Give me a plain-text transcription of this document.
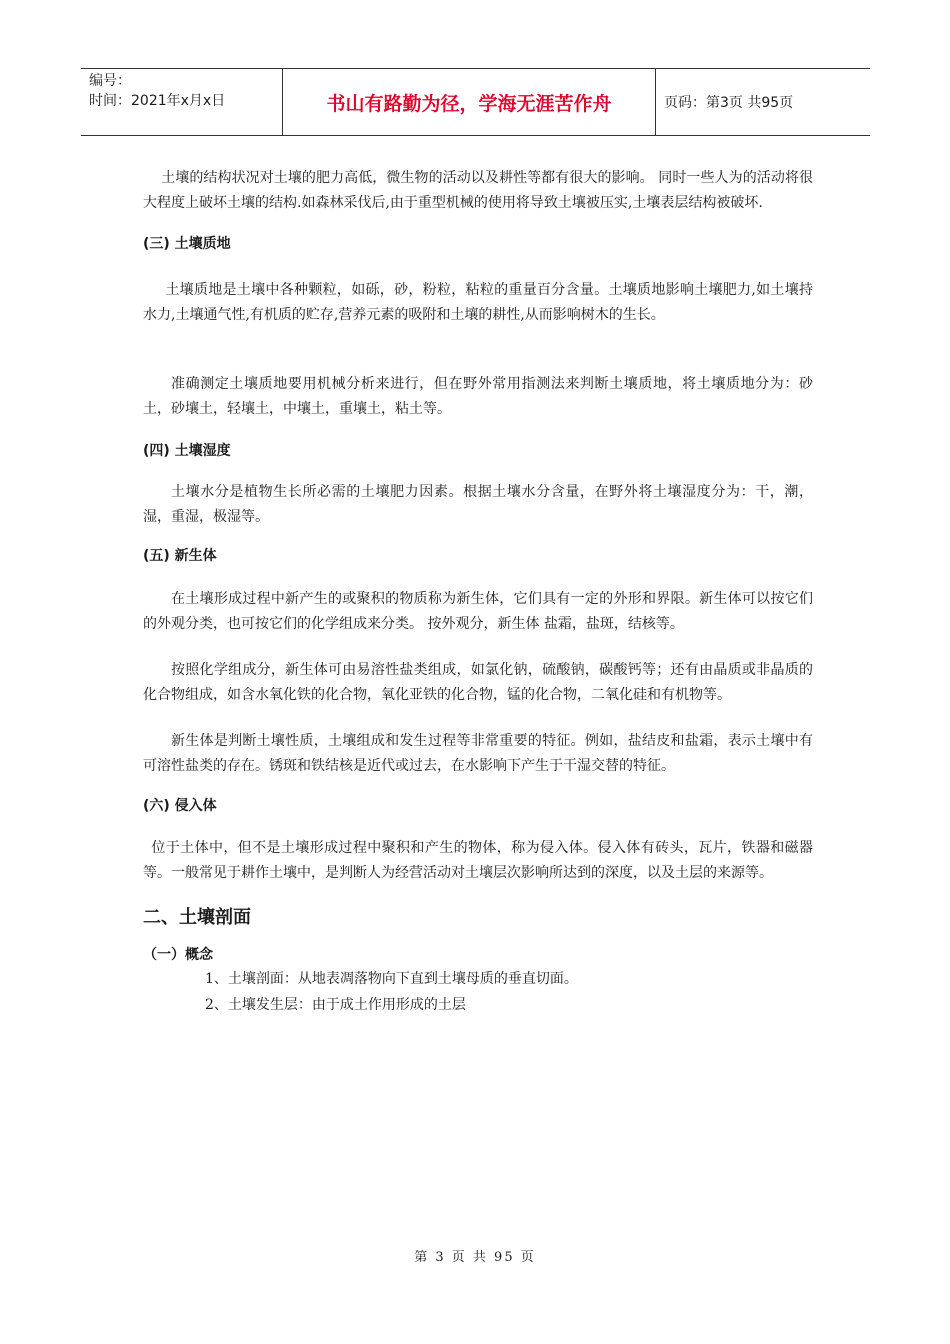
编号：
时间：2021年x月x日	书山有路勤为径，学海无涯苦作舟	页码：第3页 共95页

土壤的结构状况对土壤的肥力高低，微生物的活动以及耕性等都有很大的影响。 同时一些人为的活动将很大程度上破坏土壤的结构.如森林采伐后,由于重型机械的使用将导致土壤被压实,土壤表层结构被破坏.

(三) 土壤质地

土壤质地是土壤中各种颗粒，如砾，砂，粉粒，粘粒的重量百分含量。土壤质地影响土壤肥力,如土壤持水力,土壤通气性,有机质的贮存,营养元素的吸附和土壤的耕性,从而影响树木的生长。

准确测定土壤质地要用机械分析来进行，但在野外常用指测法来判断土壤质地，将土壤质地分为：砂土，砂壤土，轻壤土，中壤土，重壤土，粘土等。

(四) 土壤湿度

土壤水分是植物生长所必需的土壤肥力因素。根据土壤水分含量，在野外将土壤湿度分为：干，潮，湿，重湿，极湿等。

(五) 新生体

在土壤形成过程中新产生的或聚积的物质称为新生体，它们具有一定的外形和界限。新生体可以按它们的外观分类，也可按它们的化学组成来分类。 按外观分，新生体 盐霜，盐斑，结核等。

按照化学组成分，新生体可由易溶性盐类组成，如氯化钠，硫酸钠，碳酸钙等；还有由晶质或非晶质的化合物组成，如含水氧化铁的化合物，氧化亚铁的化合物，锰的化合物，二氧化硅和有机物等。

新生体是判断土壤性质，土壤组成和发生过程等非常重要的特征。例如，盐结皮和盐霜，表示土壤中有可溶性盐类的存在。锈斑和铁结核是近代或过去，在水影响下产生于干湿交替的特征。

(六) 侵入体

位于土体中，但不是土壤形成过程中聚积和产生的物体，称为侵入体。侵入体有砖头，瓦片，铁器和磁器等。一般常见于耕作土壤中，是判断人为经营活动对土壤层次影响所达到的深度，以及土层的来源等。

二、土壤剖面
（一）概念
1、土壤剖面：从地表凋落物向下直到土壤母质的垂直切面。
2、土壤发生层：由于成土作用形成的土层
第 3 页 共 95 页
